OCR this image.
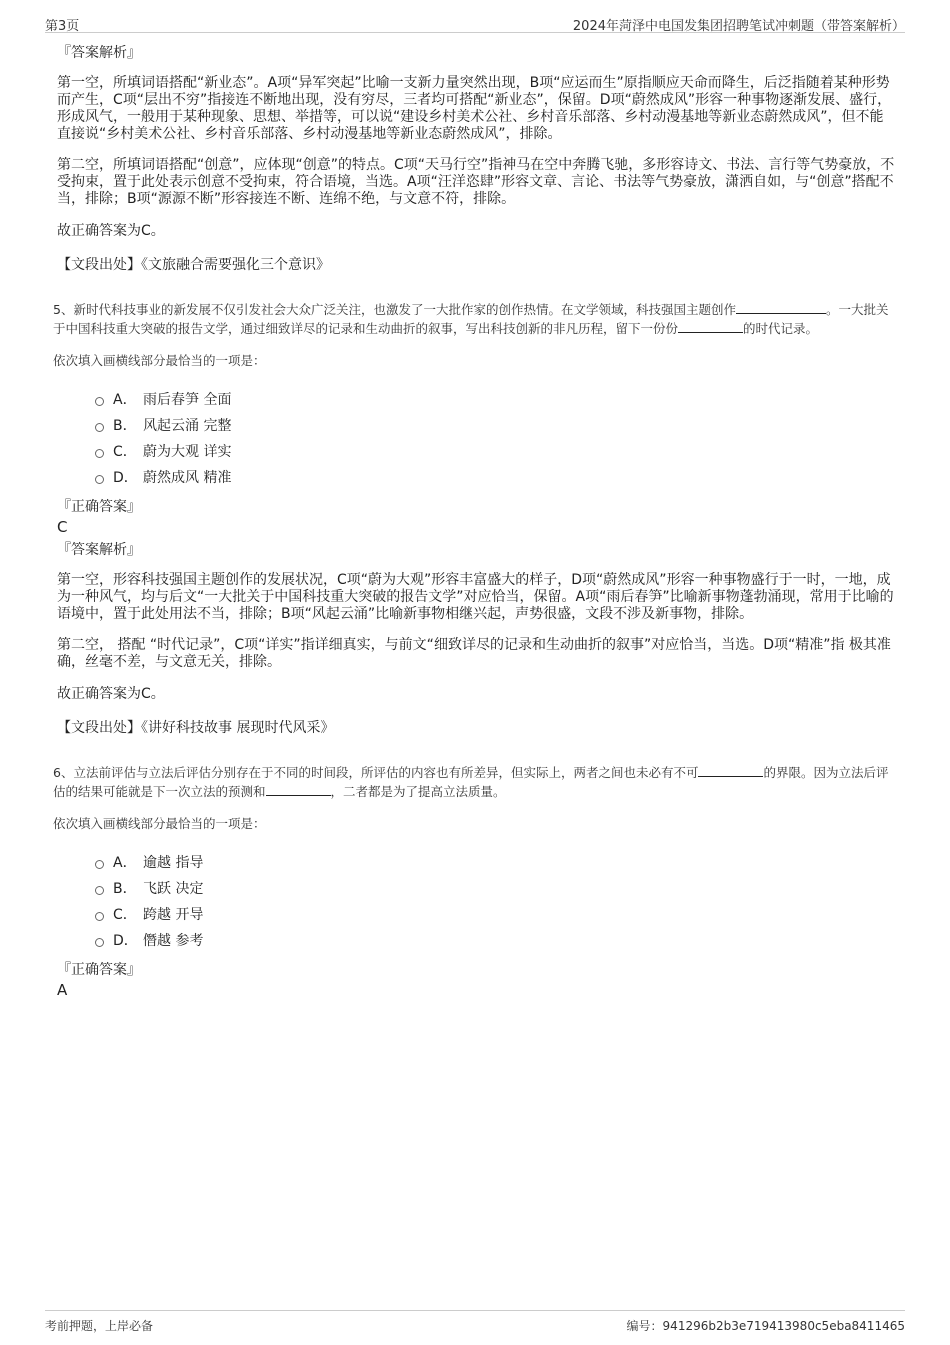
第3页	2024年菏泽中电国发集团招聘笔试冲刺题（带答案解析）

『答案解析』

第一空，所填词语搭配“新业态”。A项“异军突起”比喻一支新力量突然出现，B项“应运而生”原指顺应天命而降生，后泛指随着某种形势而产生，C项“层出不穷”指接连不断地出现，没有穷尽，三者均可搭配“新业态”，保留。D项“蔚然成风”形容一种事物逐渐发展、盛行，形成风气，一般用于某种现象、思想、举措等，可以说“建设乡村美术公社、乡村音乐部落、乡村动漫基地等新业态蔚然成风”，但不能直接说“乡村美术公社、乡村音乐部落、乡村动漫基地等新业态蔚然成风”，排除。

第二空，所填词语搭配“创意”，应体现“创意”的特点。C项“天马行空”指神马在空中奔腾飞驰，多形容诗文、书法、言行等气势豪放，不受拘束，置于此处表示创意不受拘束，符合语境，当选。A项“汪洋恣肆”形容文章、言论、书法等气势豪放，潇洒自如，与“创意”搭配不当，排除；B项“源源不断”形容接连不断、连绵不绝，与文意不符，排除。

故正确答案为C。

【文段出处】《文旅融合需要强化三个意识》

5、新时代科技事业的新发展不仅引发社会大众广泛关注，也激发了一大批作家的创作热情。在文学领域，科技强国主题创作	。一大批关于中国科技重大突破的报告文学，通过细致详尽的记录和生动曲折的叙事，写出科技创新的非凡历程，留下一份份	的时代记录。

依次填入画横线部分最恰当的一项是：

A． 雨后春笋 全面
B． 风起云涌 完整
C． 蔚为大观 详实
D． 蔚然成风 精准

『正确答案』

C

『答案解析』

第一空，形容科技强国主题创作的发展状况，C项“蔚为大观”形容丰富盛大的样子，D项“蔚然成风”形容一种事物盛行于一时，一地，成为一种风气，均与后文“一大批关于中国科技重大突破的报告文学”对应恰当，保留。A项“雨后春笋”比喻新事物蓬勃涌现，常用于比喻的语境中，置于此处用法不当，排除；B项“风起云涌”比喻新事物相继兴起，声势很盛，文段不涉及新事物，排除。

第二空， 搭配 “时代记录”，C项“详实”指详细真实，与前文“细致详尽的记录和生动曲折的叙事”对应恰当，当选。D项“精准”指 极其准确，丝毫不差，与文意无关，排除。

故正确答案为C。

【文段出处】《讲好科技故事 展现时代风采》

6、立法前评估与立法后评估分别存在于不同的时间段，所评估的内容也有所差异，但实际上，两者之间也未必有不可	的界限。因为立法后评估的结果可能就是下一次立法的预测和	，二者都是为了提高立法质量。

依次填入画横线部分最恰当的一项是：

A． 逾越 指导
B． 飞跃 决定
C． 跨越 开导
D． 僭越 参考

『正确答案』

A

考前押题，上岸必备	编号：941296b2b3e719413980c5eba8411465
